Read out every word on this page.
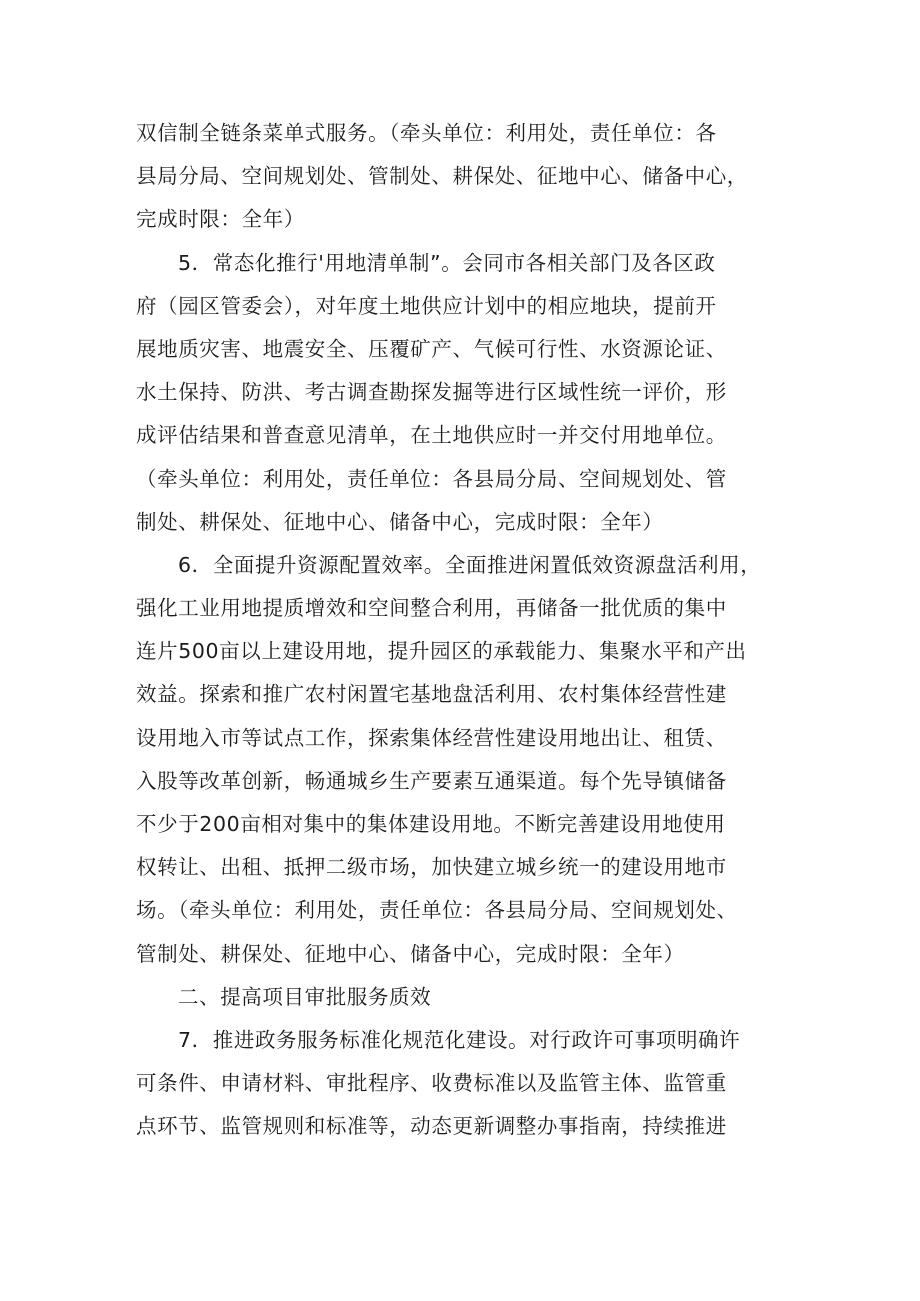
双信制全链条菜单式服务。（牵头单位：利用处，责任单位：各
县局分局、空间规划处、管制处、耕保处、征地中心、储备中心，
完成时限：全年）
5．常态化推行'用地清单制”。会同市各相关部门及各区政
府（园区管委会），对年度土地供应计划中的相应地块，提前开
展地质灾害、地震安全、压覆矿产、气候可行性、水资源论证、
水土保持、防洪、考古调查勘探发掘等进行区域性统一评价，形
成评估结果和普查意见清单，在土地供应时一并交付用地单位。
（牵头单位：利用处，责任单位：各县局分局、空间规划处、管
制处、耕保处、征地中心、储备中心，完成时限：全年）
6．全面提升资源配置效率。全面推进闲置低效资源盘活利用，
强化工业用地提质增效和空间整合利用，再储备一批优质的集中
连片500亩以上建设用地，提升园区的承载能力、集聚水平和产出
效益。探索和推广农村闲置宅基地盘活利用、农村集体经营性建
设用地入市等试点工作，探索集体经营性建设用地出让、租赁、
入股等改革创新，畅通城乡生产要素互通渠道。每个先导镇储备
不少于200亩相对集中的集体建设用地。不断完善建设用地使用
权转让、出租、抵押二级市场，加快建立城乡统一的建设用地市
场。（牵头单位：利用处，责任单位：各县局分局、空间规划处、
管制处、耕保处、征地中心、储备中心，完成时限：全年）
二、提高项目审批服务质效
7．推进政务服务标准化规范化建设。对行政许可事项明确许
可条件、申请材料、审批程序、收费标准以及监管主体、监管重
点环节、监管规则和标准等，动态更新调整办事指南，持续推进
